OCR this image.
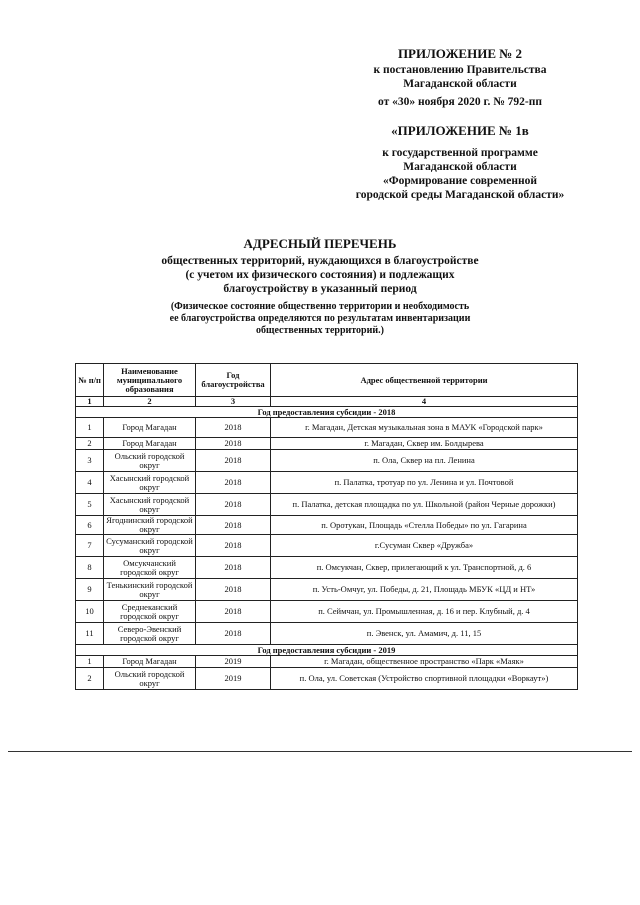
ПРИЛОЖЕНИЕ № 2
к постановлению Правительства
Магаданской области
от «30» ноября 2020 г. № 792-пп
«ПРИЛОЖЕНИЕ № 1в
к государственной программе
Магаданской области
«Формирование современной
городской среды Магаданской области»
АДРЕСНЫЙ ПЕРЕЧЕНЬ
общественных территорий, нуждающихся в благоустройстве
(с учетом их физического состояния) и подлежащих
благоустройству в указанный период
(Физическое состояние общественно территории и необходимость
ее благоустройства определяются по результатам инвентаризации
общественных территорий.)
№ п/п	Наименование муниципального образования	Год благоустройства	Адрес общественной территории
1	2	3	4
Год предоставления субсидии - 2018			
1	Город Магадан	2018	г. Магадан, Детская музыкальная зона в МАУК «Городской парк»
2	Город Магадан	2018	г. Магадан, Сквер им. Болдырева
3	Ольский городской округ	2018	п. Ола, Сквер на пл. Ленина
4	Хасынский городской округ	2018	п. Палатка, тротуар по ул. Ленина и ул. Почтовой
5	Хасынский городской округ	2018	п. Палатка, детская площадка по ул. Школьной (район Черные дорожки)
6	Ягоднинский городской округ	2018	п. Оротукан, Площадь «Стелла Победы» по ул. Гагарина
7	Сусуманский городской округ	2018	г.Сусуман Сквер «Дружба»
8	Омсукчанский городской округ	2018	п. Омсукчан, Сквер, прилегающий к ул. Транспортной, д. 6
9	Тенькинский городской округ	2018	п. Усть-Омчуг, ул. Победы, д. 21, Площадь МБУК «ЦД и НТ»
10	Среднеканский городской округ	2018	п. Сеймчан, ул. Промышленная, д. 16 и пер. Клубный, д. 4
11	Северо-Эвенский городской округ	2018	п. Эвенск, ул. Амамич, д. 11, 15
Год предоставления субсидии - 2019			
1	Город Магадан	2019	г. Магадан, общественное пространство «Парк «Маяк»
2	Ольский городской округ	2019	п. Ола, ул. Советская (Устройство спортивной площадки «Воркаут»)
